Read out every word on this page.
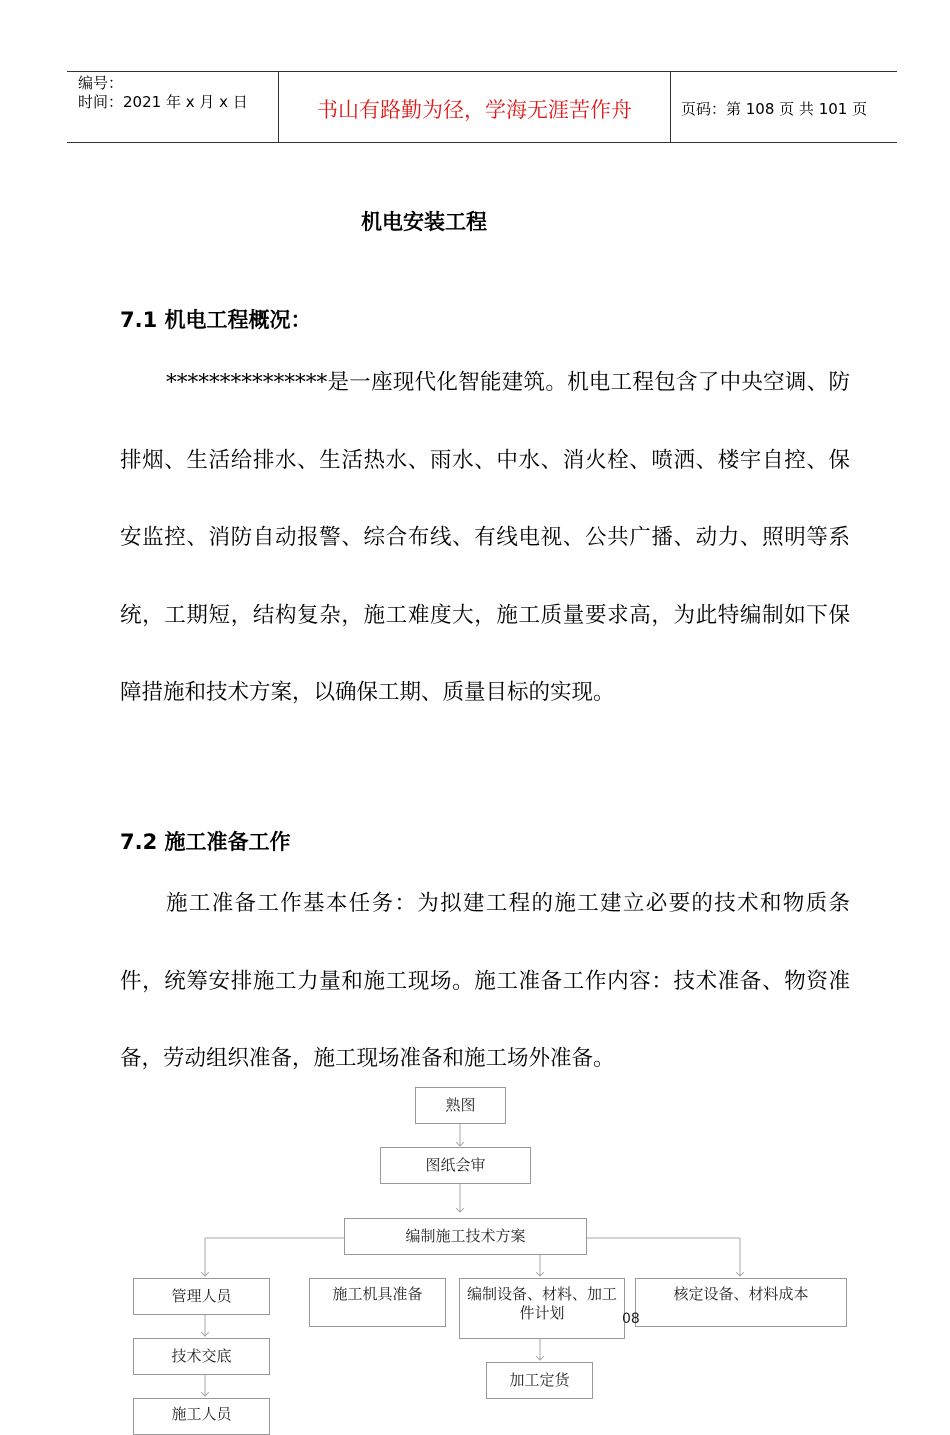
编号：
时间：2021 年 x 月 x 日	书山有路勤为径，学海无涯苦作舟	页码：第 108 页 共 101 页
机电安装工程
7.1 机电工程概况：

***************是一座现代化智能建筑。机电工程包含了中央空调、防排烟、生活给排水、生活热水、雨水、中水、消火栓、喷洒、楼宇自控、保安监控、消防自动报警、综合布线、有线电视、公共广播、动力、照明等系统，工期短，结构复杂，施工难度大，施工质量要求高，为此特编制如下保障措施和技术方案，以确保工期、质量目标的实现。

7.2 施工准备工作

施工准备工作基本任务：为拟建工程的施工建立必要的技术和物质条件，统筹安排施工力量和施工现场。施工准备工作内容：技术准备、物资准备，劳动组织准备，施工现场准备和施工场外准备。

熟图
图纸会审
编制施工技术方案
管理人员	施工机具准备	编制设备、材料、加工件计划
核定设备、材料成本
技术交底
加工定货
施工人员
08
